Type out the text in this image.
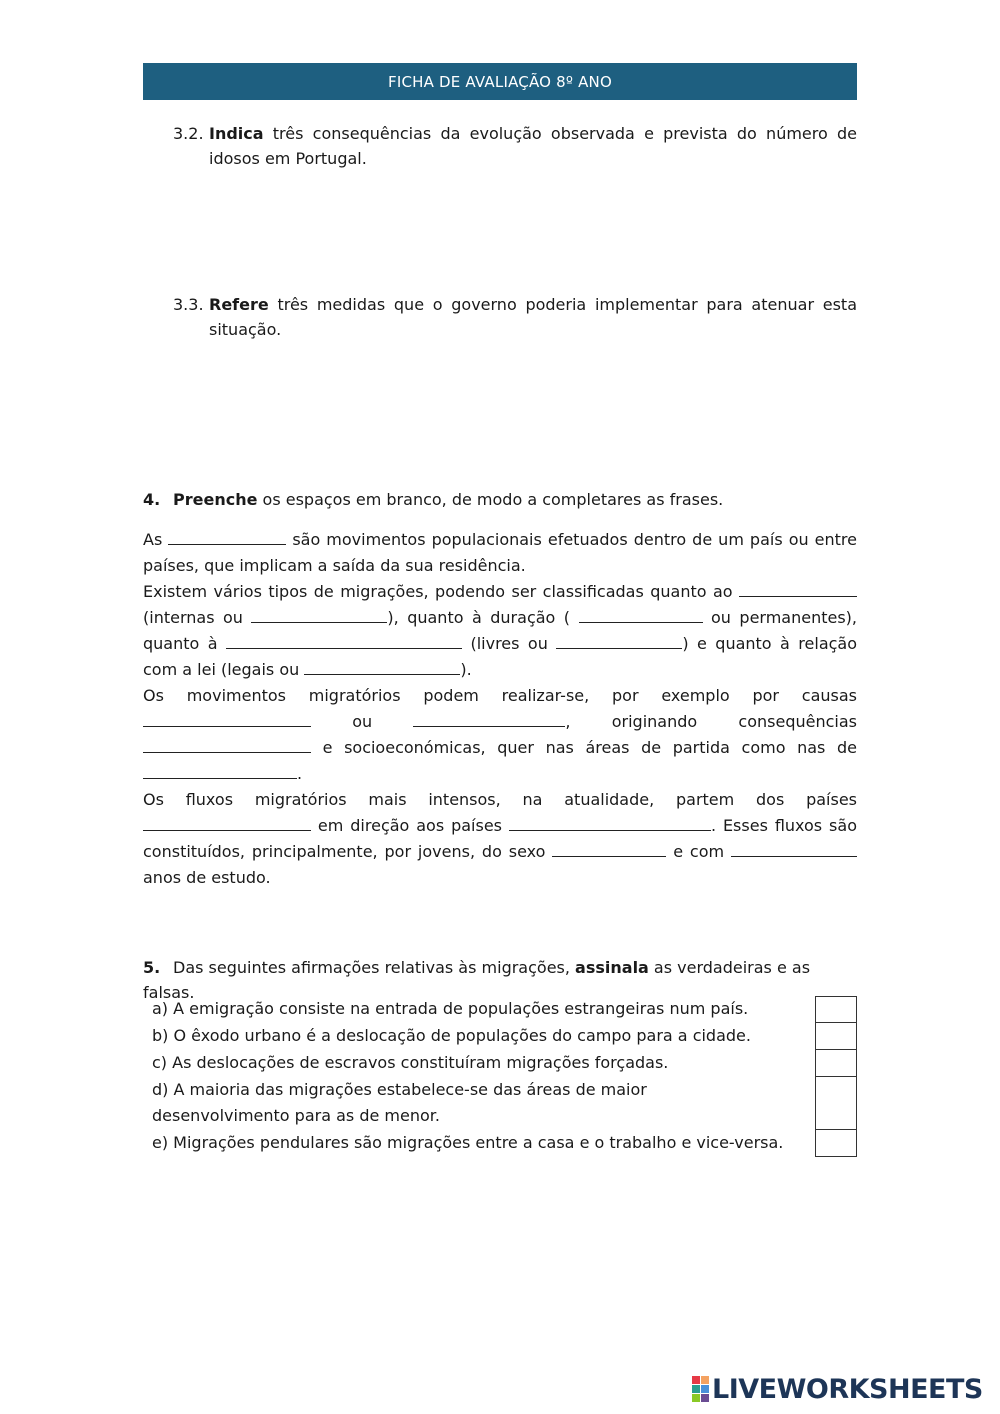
FICHA DE AVALIAÇÃO 8º ANO
3.2. Indica três consequências da evolução observada e prevista do número de idosos em Portugal.
3.3. Refere três medidas que o governo poderia implementar para atenuar esta situação.
4. Preenche os espaços em branco, de modo a completares as frases.

As	são movimentos populacionais efetuados dentro de um país ou entre países, que implicam a saída da sua residência.

Existem vários tipos de migrações, podendo ser classificadas quanto ao  (internas ou	), quanto à duração (	ou permanentes), quanto à	(livres ou	) e quanto à relação com a lei (legais ou	).

Os movimentos migratórios podem realizar-se, por exemplo por causas  ou	, originando consequências  e socioeconómicas, quer nas áreas de partida como nas de .

Os fluxos migratórios mais intensos, na atualidade, partem dos países  em direção aos países	. Esses fluxos são constituídos, principalmente, por jovens, do sexo	e com  anos de estudo.

5. Das seguintes afirmações relativas às migrações, assinala as verdadeiras e as falsas.
a) A emigração consiste na entrada de populações estrangeiras num país.
b) O êxodo urbano é a deslocação de populações do campo para a cidade.
c) As deslocações de escravos constituíram migrações forçadas.
d) A maioria das migrações estabelece-se das áreas de maior desenvolvimento para as de menor.
e) Migrações pendulares são migrações entre a casa e o trabalho e vice-versa.
LIVEWORKSHEETS
